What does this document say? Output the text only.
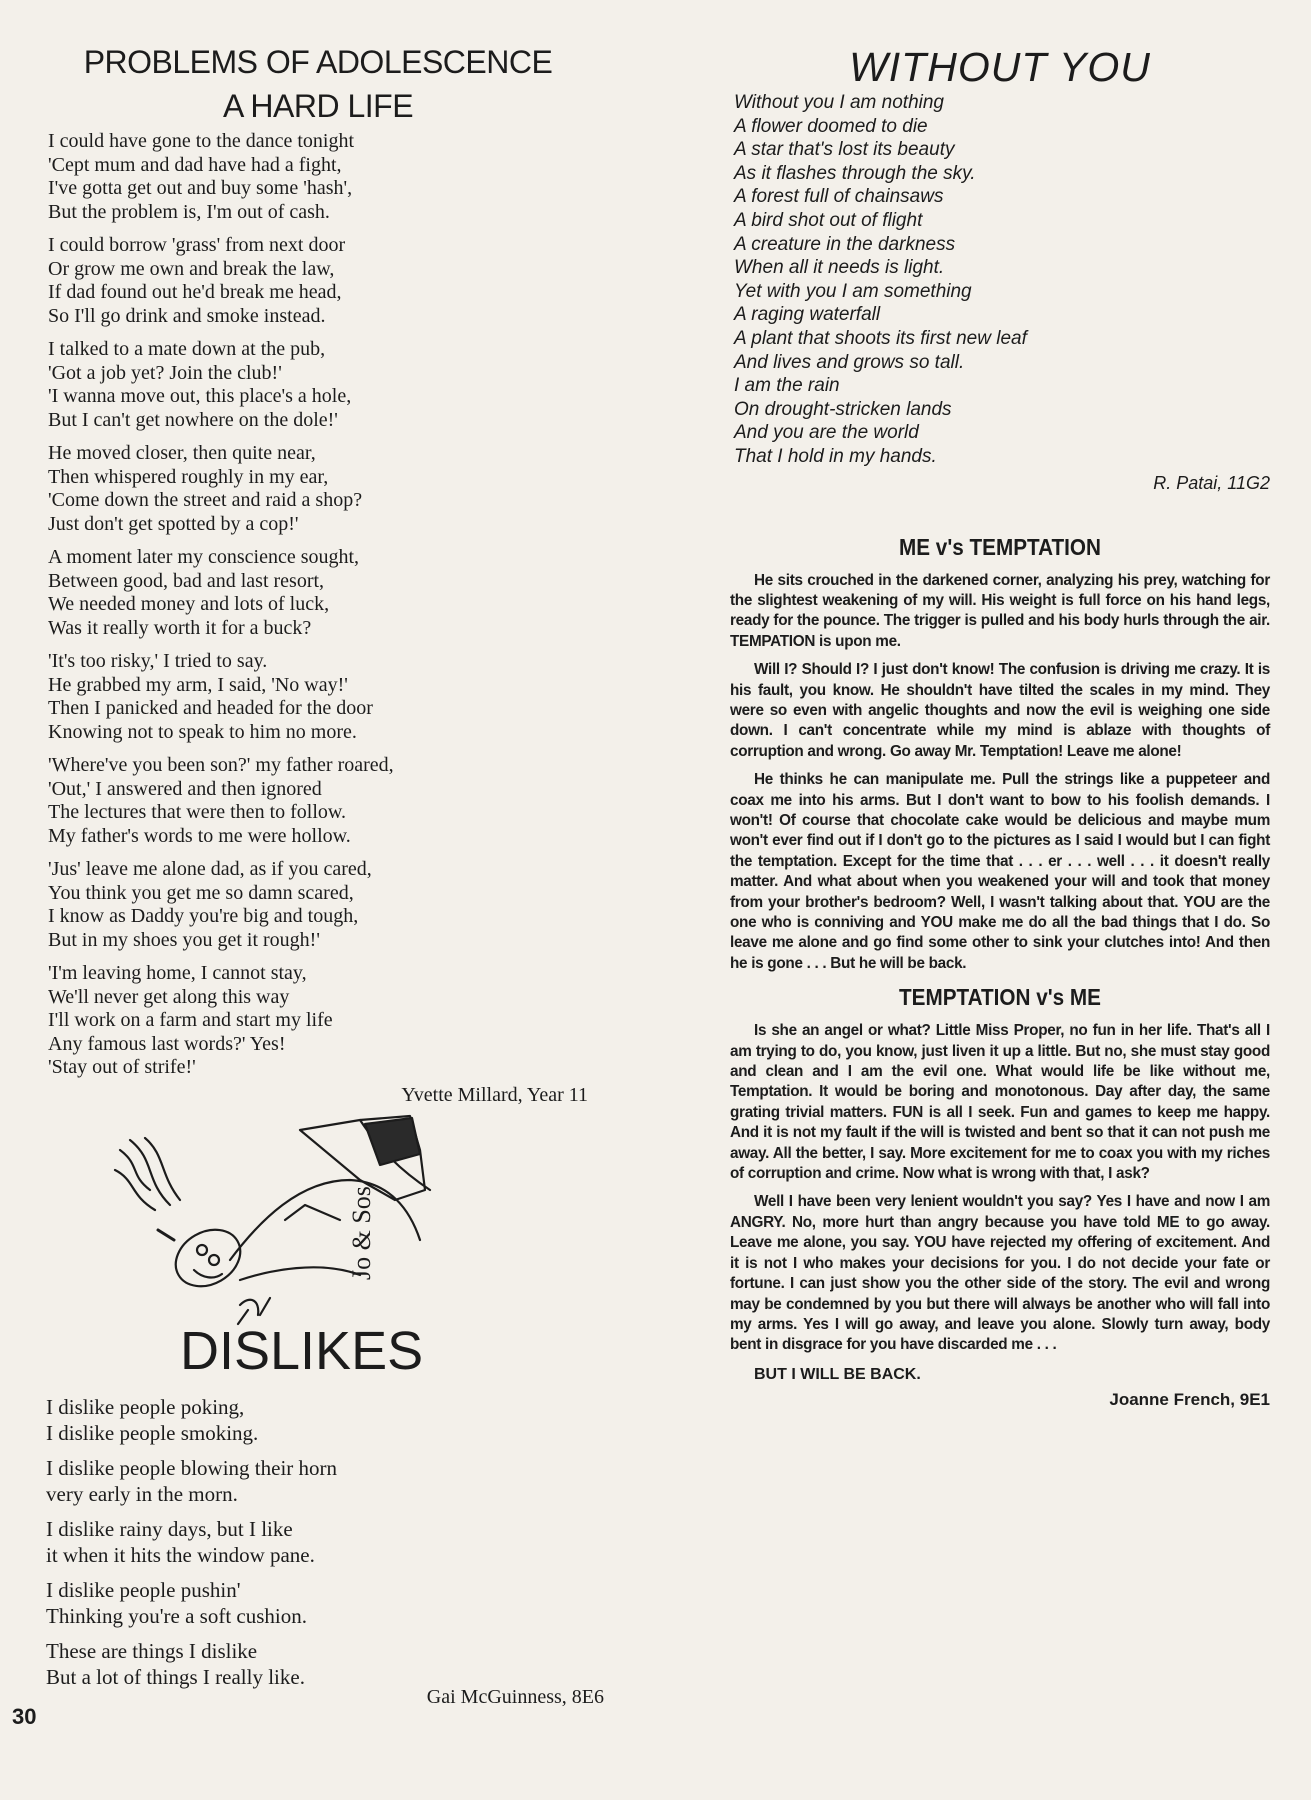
PROBLEMS OF ADOLESCENCE
A HARD LIFE
I could have gone to the dance tonight
'Cept mum and dad have had a fight,
I've gotta get out and buy some 'hash',
But the problem is, I'm out of cash.
I could borrow 'grass' from next door
Or grow me own and break the law,
If dad found out he'd break me head,
So I'll go drink and smoke instead.
I talked to a mate down at the pub,
'Got a job yet? Join the club!'
'I wanna move out, this place's a hole,
But I can't get nowhere on the dole!'
He moved closer, then quite near,
Then whispered roughly in my ear,
'Come down the street and raid a shop?
Just don't get spotted by a cop!'
A moment later my conscience sought,
Between good, bad and last resort,
We needed money and lots of luck,
Was it really worth it for a buck?
'It's too risky,' I tried to say.
He grabbed my arm, I said, 'No way!'
Then I panicked and headed for the door
Knowing not to speak to him no more.
'Where've you been son?' my father roared,
'Out,' I answered and then ignored
The lectures that were then to follow.
My father's words to me were hollow.
'Jus' leave me alone dad, as if you cared,
You think you get me so damn scared,
I know as Daddy you're big and tough,
But in my shoes you get it rough!'
'I'm leaving home, I cannot stay,
We'll never get along this way
I'll work on a farm and start my life
Any famous last words?' Yes!
'Stay out of strife!'
Yvette Millard, Year 11
Jo & Sos
DISLIKES
I dislike people poking,
I dislike people smoking.
I dislike people blowing their horn
very early in the morn.
I dislike rainy days, but I like
it when it hits the window pane.
I dislike people pushin'
Thinking you're a soft cushion.
These are things I dislike
But a lot of things I really like.
Gai McGuinness, 8E6
30
WITHOUT YOU
Without you I am nothing
A flower doomed to die
A star that's lost its beauty
As it flashes through the sky.
A forest full of chainsaws
A bird shot out of flight
A creature in the darkness
When all it needs is light.
Yet with you I am something
A raging waterfall
A plant that shoots its first new leaf
And lives and grows so tall.
I am the rain
On drought-stricken lands
And you are the world
That I hold in my hands.
R. Patai, 11G2
ME v's TEMPTATION

He sits crouched in the darkened corner, analyzing his prey, watching for the slightest weakening of my will. His weight is full force on his hand legs, ready for the pounce. The trigger is pulled and his body hurls through the air. TEMPATION is upon me.

Will I? Should I? I just don't know! The confusion is driving me crazy. It is his fault, you know. He shouldn't have tilted the scales in my mind. They were so even with angelic thoughts and now the evil is weighing one side down. I can't concentrate while my mind is ablaze with thoughts of corruption and wrong. Go away Mr. Temptation! Leave me alone!

He thinks he can manipulate me. Pull the strings like a puppeteer and coax me into his arms. But I don't want to bow to his foolish demands. I won't! Of course that chocolate cake would be delicious and maybe mum won't ever find out if I don't go to the pictures as I said I would but I can fight the temptation. Except for the time that . . . er . . . well . . . it doesn't really matter. And what about when you weakened your will and took that money from your brother's bedroom? Well, I wasn't talking about that. YOU are the one who is conniving and YOU make me do all the bad things that I do. So leave me alone and go find some other to sink your clutches into! And then he is gone . . . But he will be back.

TEMPTATION v's ME

Is she an angel or what? Little Miss Proper, no fun in her life. That's all I am trying to do, you know, just liven it up a little. But no, she must stay good and clean and I am the evil one. What would life be like without me, Temptation. It would be boring and monotonous. Day after day, the same grating trivial matters. FUN is all I seek. Fun and games to keep me happy. And it is not my fault if the will is twisted and bent so that it can not push me away. All the better, I say. More excitement for me to coax you with my riches of corruption and crime. Now what is wrong with that, I ask?

Well I have been very lenient wouldn't you say? Yes I have and now I am ANGRY. No, more hurt than angry because you have told ME to go away. Leave me alone, you say. YOU have rejected my offering of excitement. And it is not I who makes your decisions for you. I do not decide your fate or fortune. I can just show you the other side of the story. The evil and wrong may be condemned by you but there will always be another who will fall into my arms. Yes I will go away, and leave you alone. Slowly turn away, body bent in disgrace for you have discarded me . . .

BUT I WILL BE BACK.
Joanne French, 9E1
